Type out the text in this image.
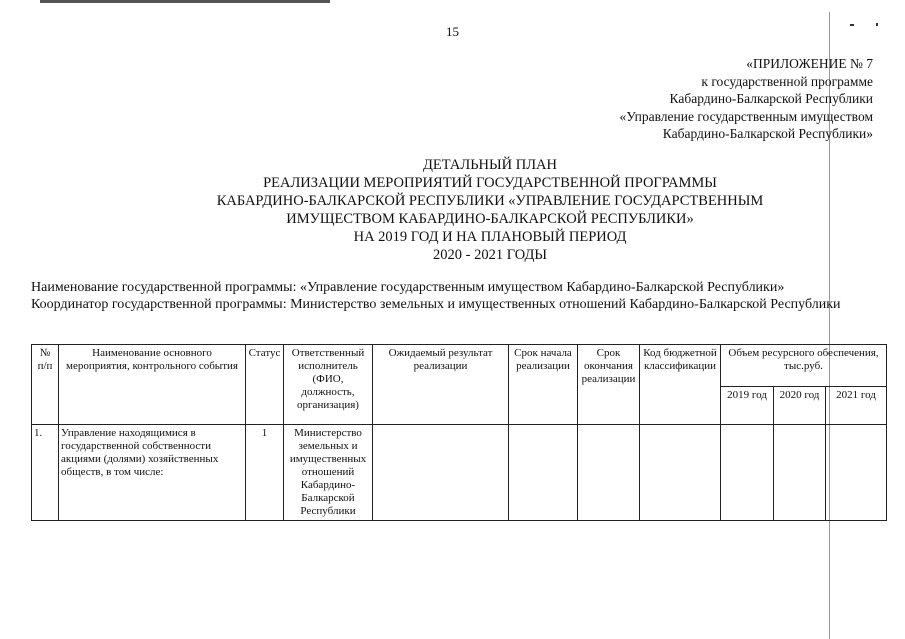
15
«ПРИЛОЖЕНИЕ № 7
к государственной программе
Кабардино-Балкарской Республики
«Управление государственным имуществом
Кабардино-Балкарской Республики»
ДЕТАЛЬНЫЙ ПЛАН
РЕАЛИЗАЦИИ МЕРОПРИЯТИЙ ГОСУДАРСТВЕННОЙ ПРОГРАММЫ
КАБАРДИНО-БАЛКАРСКОЙ РЕСПУБЛИКИ «УПРАВЛЕНИЕ ГОСУДАРСТВЕННЫМ
ИМУЩЕСТВОМ КАБАРДИНО-БАЛКАРСКОЙ РЕСПУБЛИКИ»
НА 2019 ГОД И НА ПЛАНОВЫЙ ПЕРИОД
2020 - 2021 ГОДЫ
Наименование государственной программы: «Управление государственным имуществом Кабардино-Балкарской Республики»
Координатор государственной программы: Министерство земельных и имущественных отношений Кабардино-Балкарской Республики
№ п/п	Наименование основного мероприятия, контрольного события	Статус	Ответственный исполнитель (ФИО, должность, организация)	Ожидаемый результат реализации	Срок начала реализации	Срок окончания реализации	Код бюджетной классификации	Объем ресурсного обеспечения, тыс.руб.		
								2019 год	2020 год	2021 год
1.	Управление находящимися в государственной собственности акциями (долями) хозяйственных обществ, в том числе:	1	Министерство земельных и имущественных отношений Кабардино-Балкарской Республики							
